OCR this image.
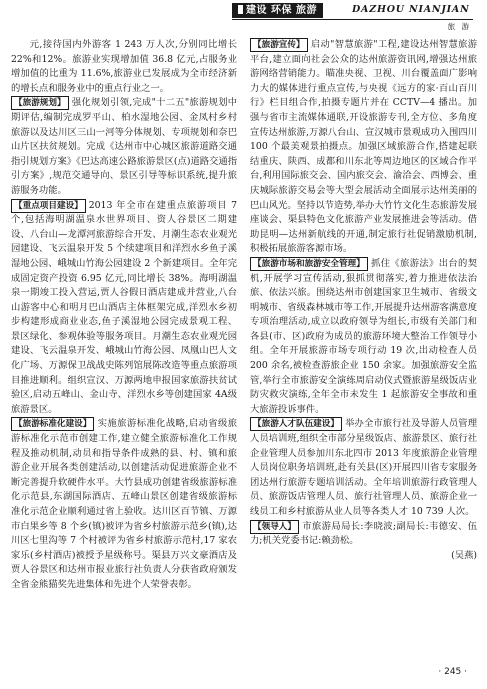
建设 环保 旅游	DAZHOU NIANJIAN
旅 游

元,接待国内外游客 1 243 万人次,分别同比增长22%和12%。旅游业实现增加值 36.8 亿元,占服务业增加值的比重为 11.6%,旅游业已发展成为全市经济新的增长点和服务业中的重点行业之一。

【旅游规划】 强化规划引领,完成"十二五"旅游规划中期评估,编制完成罗平山、柏水湿地公园、金凤村乡村旅游以及达川区三山一河等分体规划、专项规划和奈巴山片区扶贫规划。完成《达州市中心城区旅游道路交通指引规划方案》《巴达高速公路旅游景区(点)道路交通指引方案》,规范交通导向、景区引导等标识系统,提升旅游服务功能。

【重点项目建设】 2013 年全市在建重点旅游项目 7 个,包括海明湖温泉水世界项目、资人谷景区二期建设、八台山—龙潭河旅游综合开发、月潮生态农业观光园建设、飞云温泉开发 5 个续建项目和洋烈水乡鱼子溪湿地公园、峨城山竹海公园建设 2 个新建项目。全年完成固定资产投资 6.95 亿元,同比增长 38%。海明湖温泉一期竣工投入营运,贾人谷假日酒店建成并营业,八台山游客中心和明月巴山酒店主体框架完成,洋烈水乡初步构建形成商业业态,鱼子溪湿地公园完成景观工程、景区绿化、参观体验等服务项目。月潮生态农业观光园建设、飞云温泉开发、峨城山竹海公园、凤凰山巴人文化广场、万源保卫战战史陈列馆展陈改造等重点旅游项目推进顺利。组织宣汉、万源两地申报国家旅游扶贫试验区,启动五峰山、金山寺、洋烈水乡等创建国家 4A级旅游景区。

【旅游标准化建设】 实施旅游标准化战略,启动省级旅游标准化示范市创建工作,建立健全旅游标准化工作规程及推动机制,动员和指导条件成熟的县、村、镇和旅游企业开展各类创建活动,以创建活动促进旅游企业不断完善提升软硬件水平。大竹县成功创建省级旅游标准化示范县,东湖国际酒店、五峰山景区创建省级旅游标准化示范企业顺利通过省上验收。达川区百节镇、万源市白果乡等 8 个乡(镇)被评为省乡村旅游示范乡(镇),达川区七里沟等 7 个村被评为省乡村旅游示范村,17 家农家乐(乡村酒店)被授予星级称号。渠县万兴文豪酒店及贾人谷景区和达州市报业旅行社负责人分获省政府颁发全省金熊猫奖先进集体和先进个人荣誉表彰。

【旅游宣传】 启动"智慧旅游"工程,建设达州智慧旅游平台,建立面向社会公众的达州旅游资讯网,增强达州旅游网络营销能力。瞄准央视、卫视、川台覆盖面广影响力大的媒体进行重点宣传,与央视《远方的家·百山百川行》栏目组合作,拍摄专题片并在 CCTV—4 播出。加强与省市主流媒体通联,开设旅游专刊,全方位、多角度宣传达州旅游,万源八台山、宣汉城市景观成功入围四川 100 个最美观景拍摄点。加强区域旅游合作,搭建起联结重庆、陕西、成都和川东北等周边地区的区域合作平台,利用国际旅交会、国内旅交会、渝洽会、西博会、重庆城际旅游交易会等大型会展活动全面展示达州美丽的巴山风光。坚持以节造势,举办大竹竹文化生态旅游发展座谈会、渠县特色文化旅游产业发展推进会等活动。借助昆明—达州新航线的开通,制定旅行社促销激励机制,积极拓展旅游客源市场。

【旅游市场和旅游安全管理】 抓住《旅游法》出台的契机,开展学习宣传活动,狠抓贯彻落实,着力推进依法治旅、依法兴旅。围绕达州市创建国家卫生城市、省级文明城市、省级森林城市等工作,开展提升达州游客满意度专项治理活动,成立以政府领导为组长,市级有关部门和各县(市、区)政府为成员的旅游环境大整治工作领导小组。全年开展旅游市场专项行动 19 次,出动检查人员 200 余名,被检查游旅企业 150 余家。加强旅游安全监管,举行全市旅游安全演练周启动仪式暨旅游星级饭店业防灾救灾演练,全年全市未发生 1 起旅游安全事故和重大旅游投诉事件。

【旅游人才队伍建设】 举办全市旅行社及导游人员管理人员培训班,组织全市部分星级饭店、旅游景区、旅行社企业管理人员参加川东北四市 2013 年度旅游企业管理人员岗位职务培训班,赴有关县(区)开展四川省专家服务团达州行旅游专题培训活动。全年培训旅游行政管理人员、旅游饭店管理人员、旅行社管理人员、旅游企业一线员工和乡村旅游从业人员等各类人才 10 739 人次。

【领导人】 市旅游局局长:李晓波;副局长:韦德安、伍力;机关党委书记:赖劲松。

(吴燕)

· 245 ·
